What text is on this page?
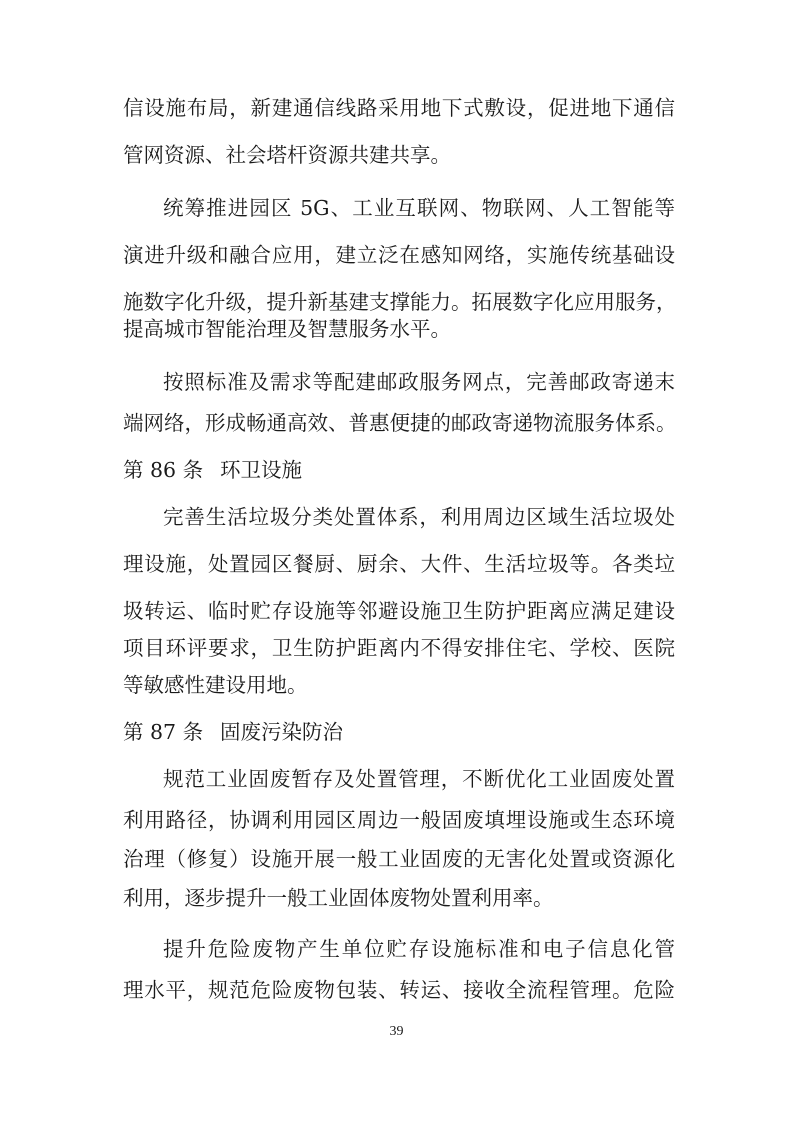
信设施布局，新建通信线路采用地下式敷设，促进地下通信
管网资源、社会塔杆资源共建共享。
统筹推进园区 5G、工业互联网、物联网、人工智能等
演进升级和融合应用，建立泛在感知网络，实施传统基础设
施数字化升级，提升新基建支撑能力。拓展数字化应用服务，
提高城市智能治理及智慧服务水平。
按照标准及需求等配建邮政服务网点，完善邮政寄递末
端网络，形成畅通高效、普惠便捷的邮政寄递物流服务体系。
第 86 条 环卫设施
完善生活垃圾分类处置体系，利用周边区域生活垃圾处
理设施，处置园区餐厨、厨余、大件、生活垃圾等。各类垃
圾转运、临时贮存设施等邻避设施卫生防护距离应满足建设
项目环评要求，卫生防护距离内不得安排住宅、学校、医院
等敏感性建设用地。
第 87 条 固废污染防治
规范工业固废暂存及处置管理，不断优化工业固废处置
利用路径，协调利用园区周边一般固废填埋设施或生态环境
治理（修复）设施开展一般工业固废的无害化处置或资源化
利用，逐步提升一般工业固体废物处置利用率。
提升危险废物产生单位贮存设施标准和电子信息化管
理水平，规范危险废物包装、转运、接收全流程管理。危险
39
